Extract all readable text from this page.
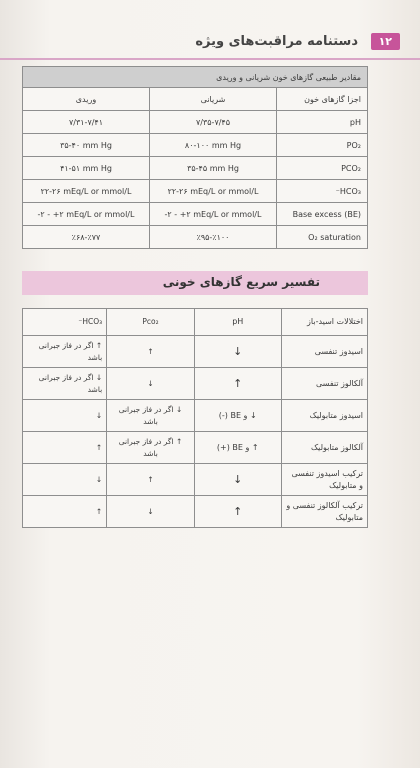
دستنامه مراقبت‌های ویژه	١٢
مقادیر طبیعی گازهای خون شریانی و وریدی		
اجزا گازهای خون	شریانی	وریدی
pH	۷/۳۵-۷/۴۵	۷/۳۱-۷/۴۱
PO₂	۸۰-۱۰۰ mm Hg	۳۵-۴۰ mm Hg
PCO₂	۳۵-۴۵ mm Hg	۴۱-۵۱ mm Hg
HCO₃⁻	۲۲-۲۶ mEq/L or mmol/L	۲۲-۲۶ mEq/L or mmol/L
Base excess (BE)	-۲ - +۲ mEq/L or mmol/L	-۲ - +۲ mEq/L or mmol/L
O₂ saturation	٪۹۵-٪۱۰۰	٪۶۸-٪۷۷
تفسیر سریع گازهای خونی
اختلالات اسید-باز	pH	Pco₂	HCO₃⁻
اسیدوز تنفسی	↓	↑	↑ اگر در فاز جبرانی باشد
آلکالوز تنفسی	↑	↓	↓ اگر در فاز جبرانی باشد
اسیدوز متابولیک	↓ و BE (-)	↓ اگر در فاز جبرانی باشد	↓
آلکالوز متابولیک	↑ و BE (+)	↑ اگر در فاز جبرانی باشد	↑
ترکیب اسیدوز تنفسی و متابولیک	↓	↑	↓
ترکیب آلکالوز تنفسی و متابولیک	↑	↓	↑
